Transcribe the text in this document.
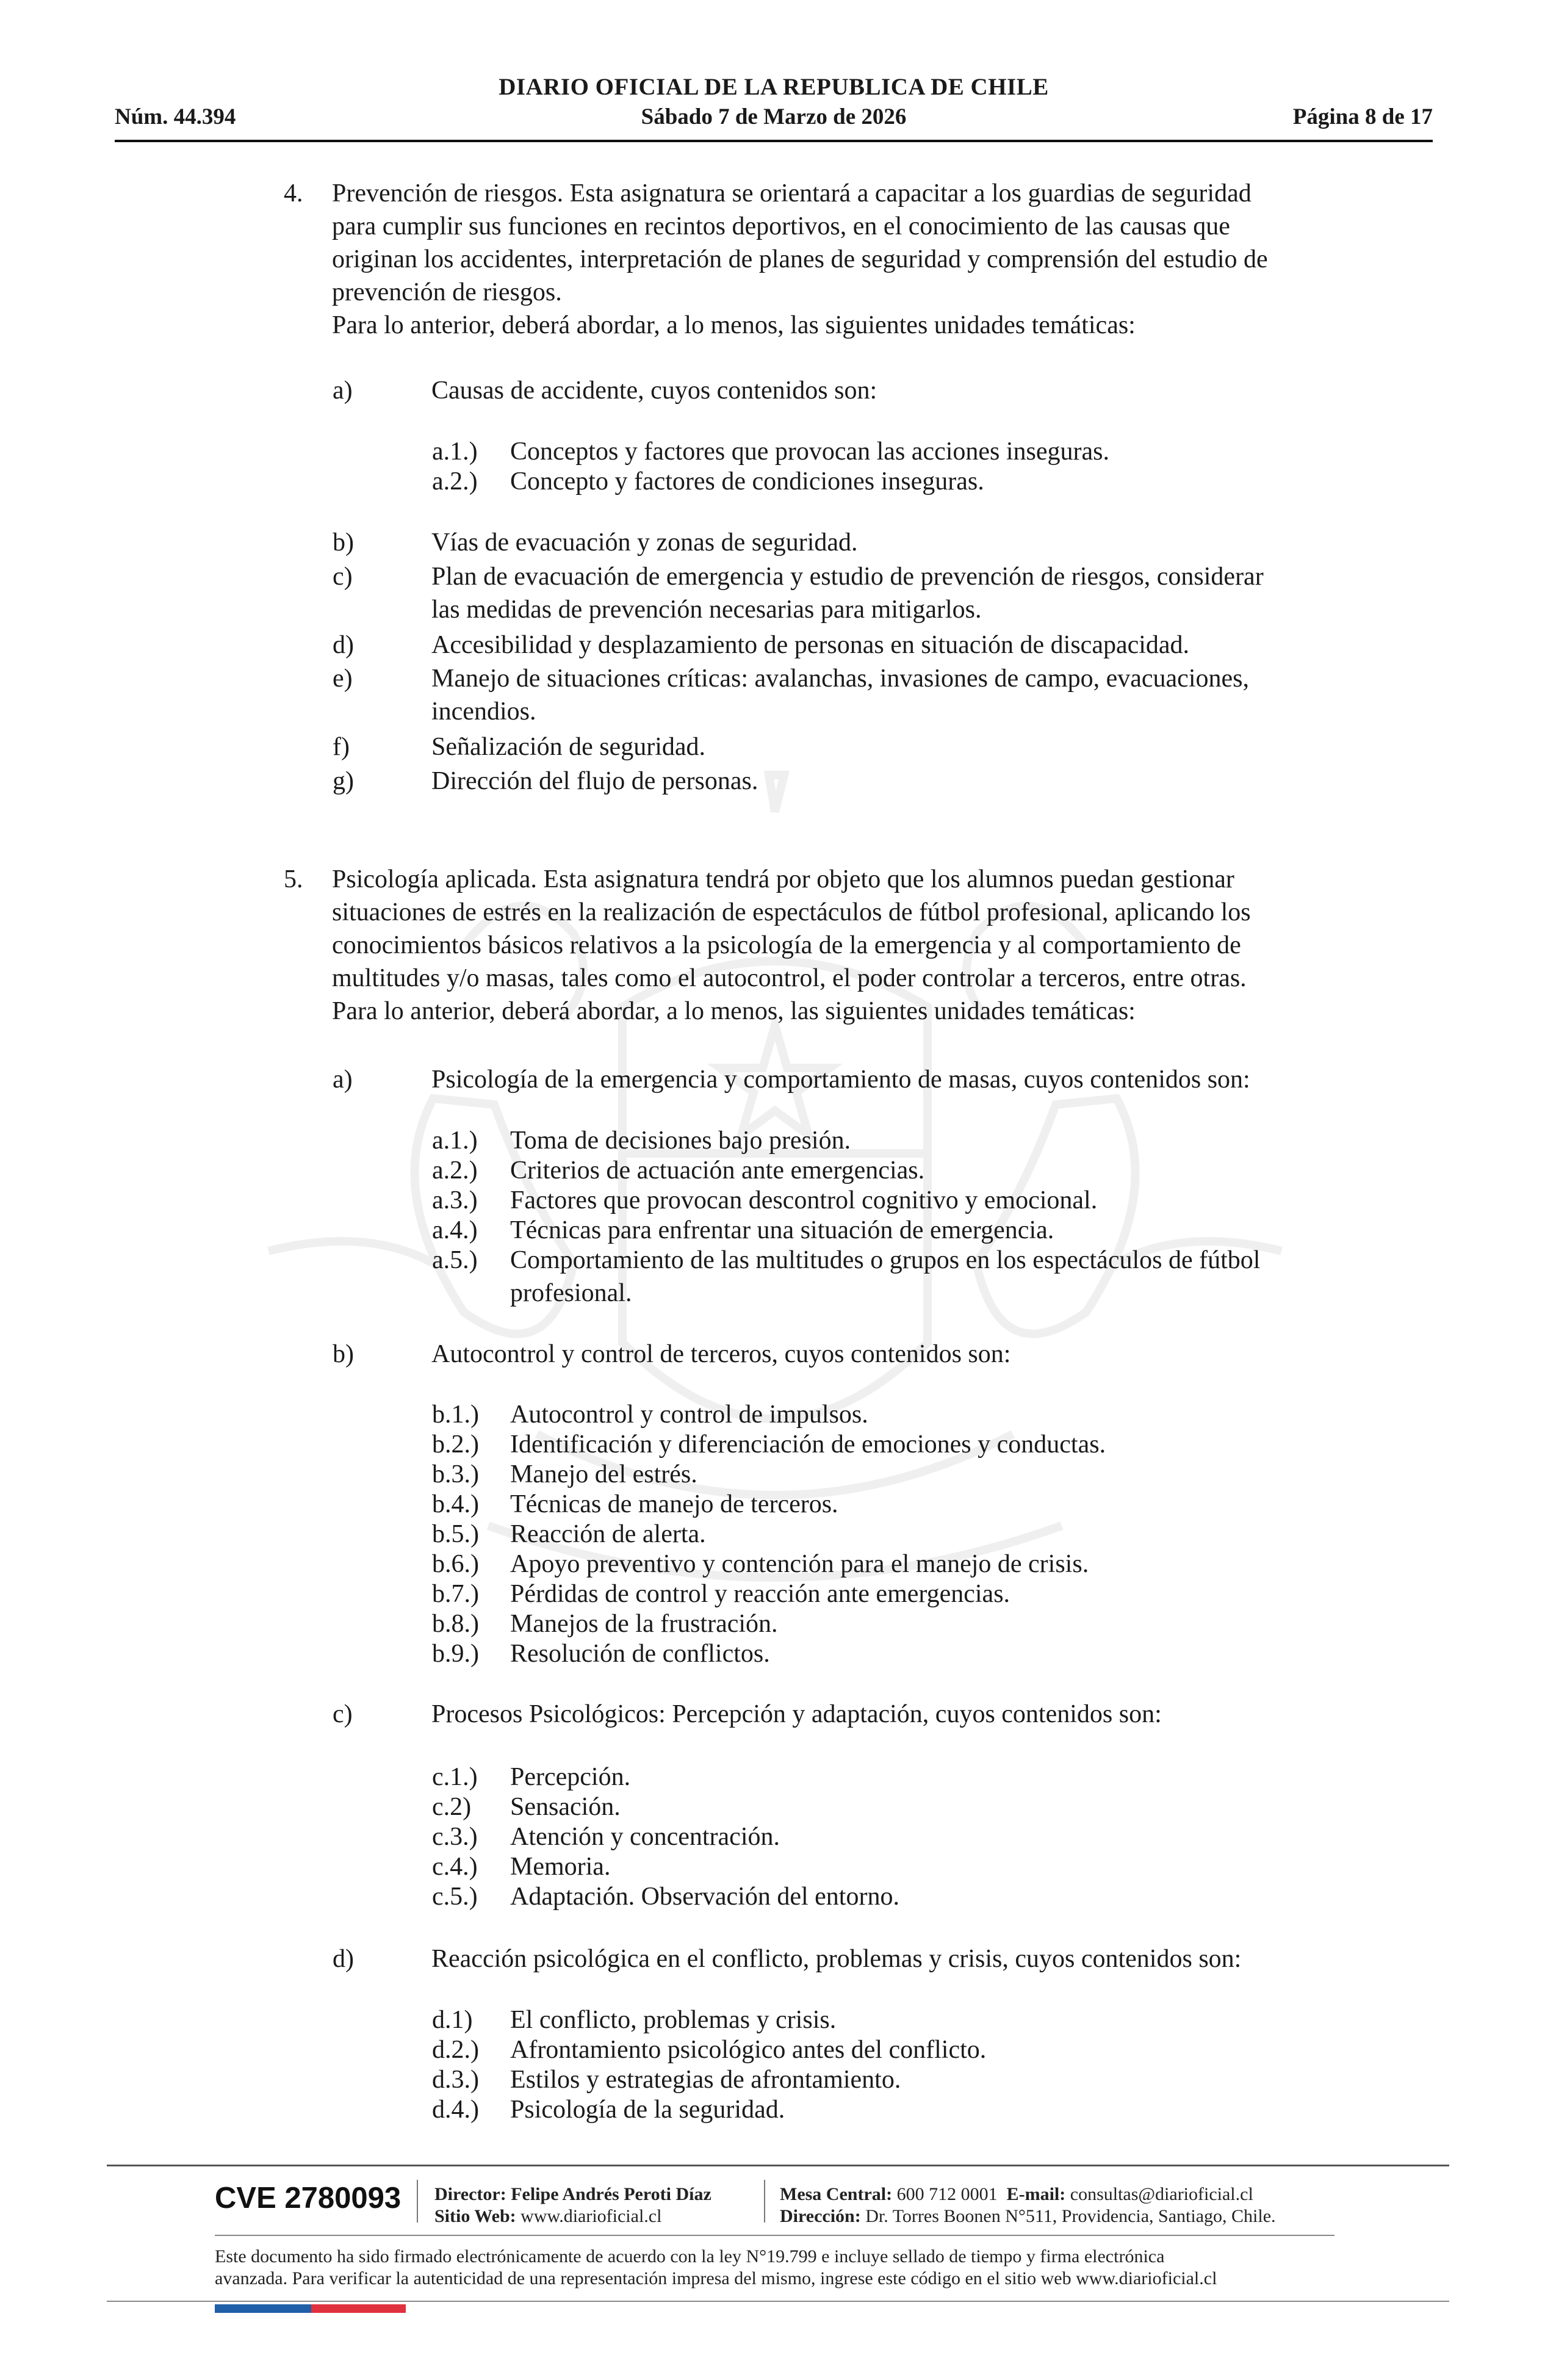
DIARIO OFICIAL DE LA REPUBLICA DE CHILE
Núm. 44.394	Sábado 7 de Marzo de 2026	Página 8 de 17
4. Prevención de riesgos. Esta asignatura se orientará a capacitar a los guardias de seguridad
para cumplir sus funciones en recintos deportivos, en el conocimiento de las causas que
originan los accidentes, interpretación de planes de seguridad y comprensión del estudio de
prevención de riesgos.
Para lo anterior, deberá abordar, a lo menos, las siguientes unidades temáticas:
a)	Causas de accidente, cuyos contenidos son:
a.1.) Conceptos y factores que provocan las acciones inseguras.
a.2.) Concepto y factores de condiciones inseguras.
b)	Vías de evacuación y zonas de seguridad.
c)	Plan de evacuación de emergencia y estudio de prevención de riesgos, considerar
las medidas de prevención necesarias para mitigarlos.
d)	Accesibilidad y desplazamiento de personas en situación de discapacidad.
e)	Manejo de situaciones críticas: avalanchas, invasiones de campo, evacuaciones,
incendios.
f)	Señalización de seguridad.
g)	Dirección del flujo de personas.
5. Psicología aplicada. Esta asignatura tendrá por objeto que los alumnos puedan gestionar
situaciones de estrés en la realización de espectáculos de fútbol profesional, aplicando los
conocimientos básicos relativos a la psicología de la emergencia y al comportamiento de
multitudes y/o masas, tales como el autocontrol, el poder controlar a terceros, entre otras.
Para lo anterior, deberá abordar, a lo menos, las siguientes unidades temáticas:
a)	Psicología de la emergencia y comportamiento de masas, cuyos contenidos son:
a.1.) Toma de decisiones bajo presión.
a.2.) Criterios de actuación ante emergencias.
a.3.) Factores que provocan descontrol cognitivo y emocional.
a.4.) Técnicas para enfrentar una situación de emergencia.
a.5.) Comportamiento de las multitudes o grupos en los espectáculos de fútbol
profesional.
b)	Autocontrol y control de terceros, cuyos contenidos son:
b.1.) Autocontrol y control de impulsos.
b.2.) Identificación y diferenciación de emociones y conductas.
b.3.) Manejo del estrés.
b.4.) Técnicas de manejo de terceros.
b.5.) Reacción de alerta.
b.6.) Apoyo preventivo y contención para el manejo de crisis.
b.7.) Pérdidas de control y reacción ante emergencias.
b.8.) Manejos de la frustración.
b.9.) Resolución de conflictos.
c)	Procesos Psicológicos: Percepción y adaptación, cuyos contenidos son:
c.1.) Percepción.
c.2) Sensación.
c.3.) Atención y concentración.
c.4.) Memoria.
c.5.) Adaptación. Observación del entorno.
d)	Reacción psicológica en el conflicto, problemas y crisis, cuyos contenidos son:
d.1) El conflicto, problemas y crisis.
d.2.) Afrontamiento psicológico antes del conflicto.
d.3.) Estilos y estrategias de afrontamiento.
d.4.) Psicología de la seguridad.
CVE 2780093 Director: Felipe Andrés Peroti Díaz
Sitio Web: www.diarioficial.cl
Mesa Central: 600 712 0001 E-mail: consultas@diarioficial.cl
Dirección: Dr. Torres Boonen N°511, Providencia, Santiago, Chile.
Este documento ha sido firmado electrónicamente de acuerdo con la ley N°19.799 e incluye sellado de tiempo y firma electrónica
avanzada. Para verificar la autenticidad de una representación impresa del mismo, ingrese este código en el sitio web www.diarioficial.cl
